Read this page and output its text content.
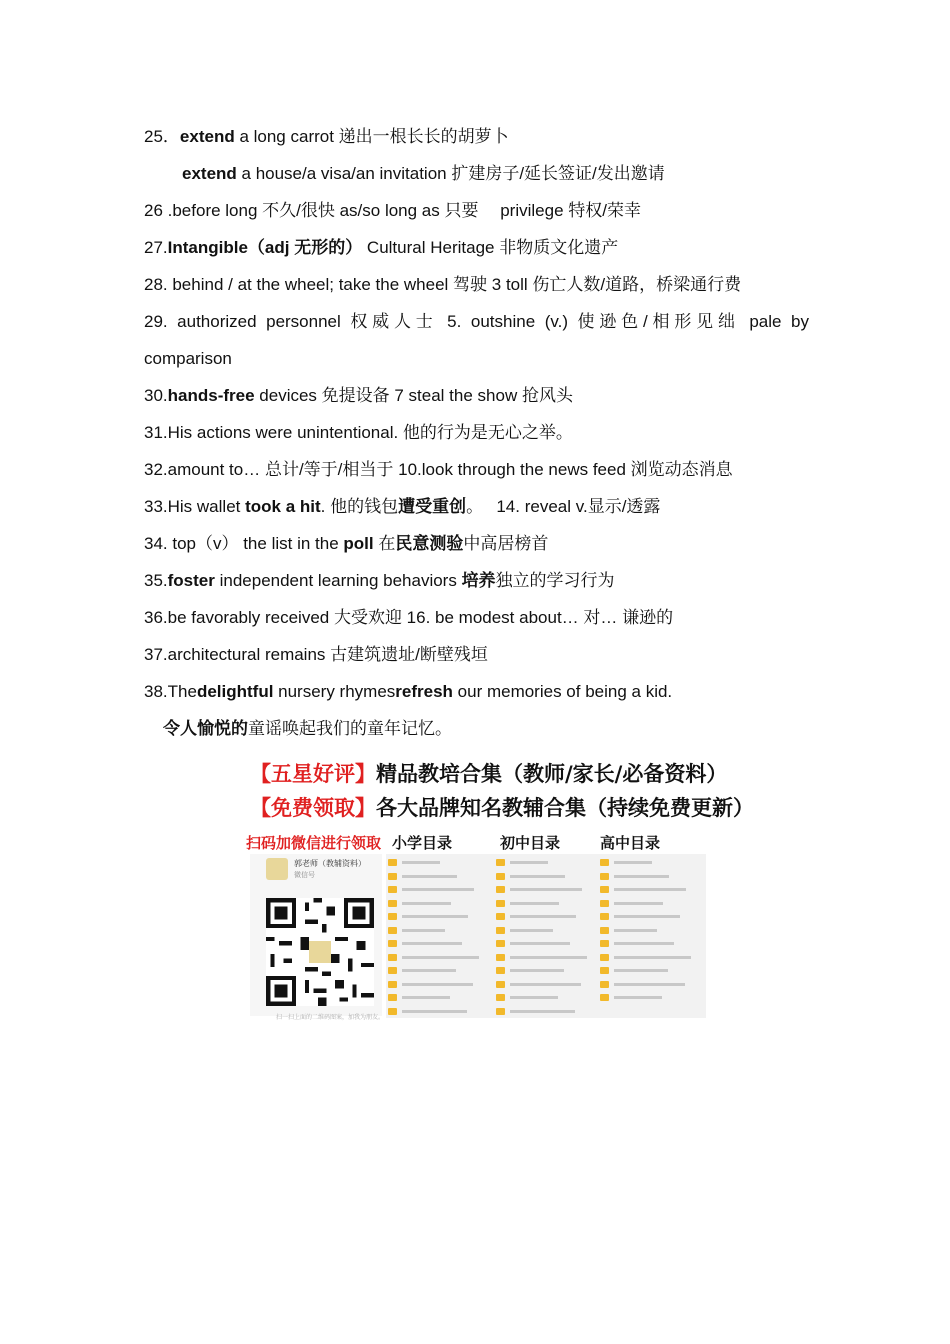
25．extend a long carrot 递出一根长长的胡萝卜
extend a house/a visa/an invitation 扩建房子/延长签证/发出邀请
26 .before long 不久/很快 as/so long as 只要　 privilege 特权/荣幸
27.Intangible（adj 无形的） Cultural Heritage 非物质文化遗产
28. behind / at the wheel; take the wheel 驾驶 3 toll 伤亡人数/道路，桥梁通行费
29. authorized personnel 权威人士 5. outshine (v.) 使逊色/相形见绌 pale by
comparison
30.hands-free devices 免提设备 7 steal the show 抢风头
31.His actions were unintentional. 他的行为是无心之举。
32.amount to… 总计/等于/相当于 10.look through the news feed 浏览动态消息
33.His wallet took a hit. 他的钱包遭受重创。　 14. reveal v.显示/透露
34. top（v） the list in the poll 在民意测验中高居榜首
35.foster independent learning behaviors 培养独立的学习行为
36.be favorably received 大受欢迎 16. be modest about… 对… 谦逊的
37.architectural remains 古建筑遗址/断壁残垣
38.Thedelightful nursery rhymesrefresh our memories of being a kid.
令人愉悦的童谣唤起我们的童年记忆。
【五星好评】精品教培合集（教师/家长/必备资料）
【免费领取】各大品牌知名教辅合集（持续免费更新）
扫码加微信进行领取 小学目录	初中目录	高中目录
郭老师（教辅资料）
微信号
扫一扫上面的二维码图案，加我为朋友。
